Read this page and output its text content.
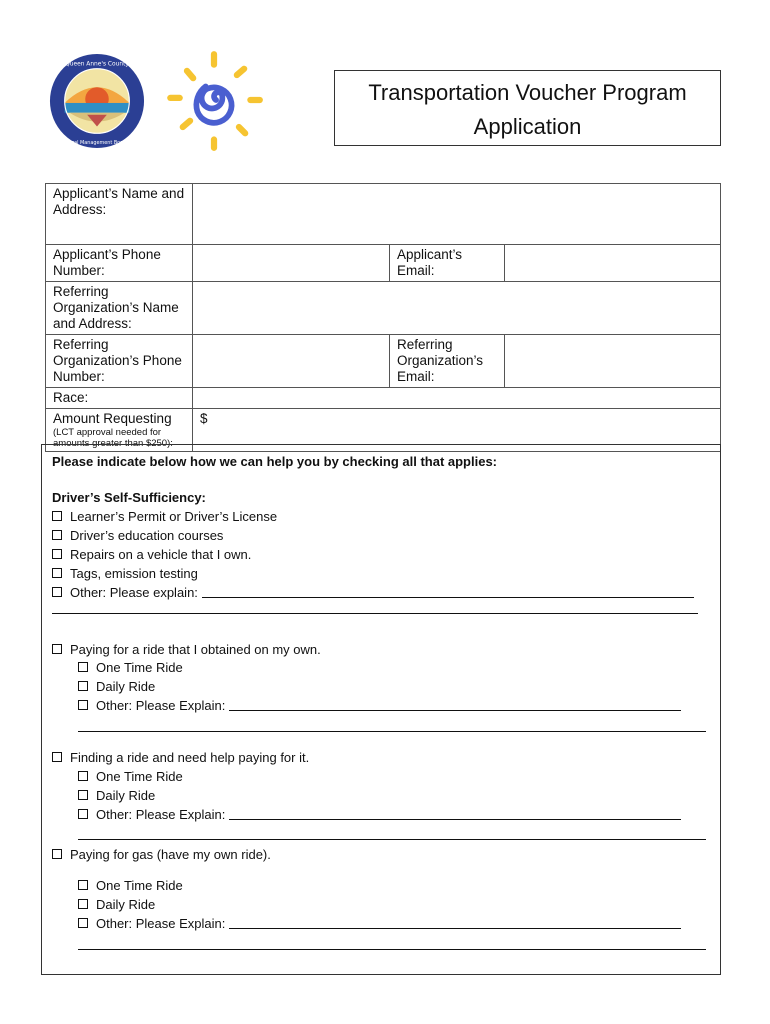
Queen Anne's County
Local Management Board
Transportation Voucher Program
Application
Applicant’s Name and Address:			
Applicant’s Phone Number:		Applicant’s Email:	
Referring Organization’s Name and Address:			
Referring Organization’s Phone Number:		Referring Organization’s Email:	
Race:			
Amount Requesting
(LCT approval needed for amounts greater than $250):	$		
Please indicate below how we can help you by checking all that applies:
Driver’s Self-Sufficiency:
Learner’s Permit or Driver’s License
Driver’s education courses
Repairs on a vehicle that I own.
Tags, emission testing
Other: Please explain:
Paying for a ride that I obtained on my own.
One Time Ride
Daily Ride
Other: Please Explain:
Finding a ride and need help paying for it.
One Time Ride
Daily Ride
Other: Please Explain:
Paying for gas (have my own ride).
One Time Ride
Daily Ride
Other: Please Explain:
